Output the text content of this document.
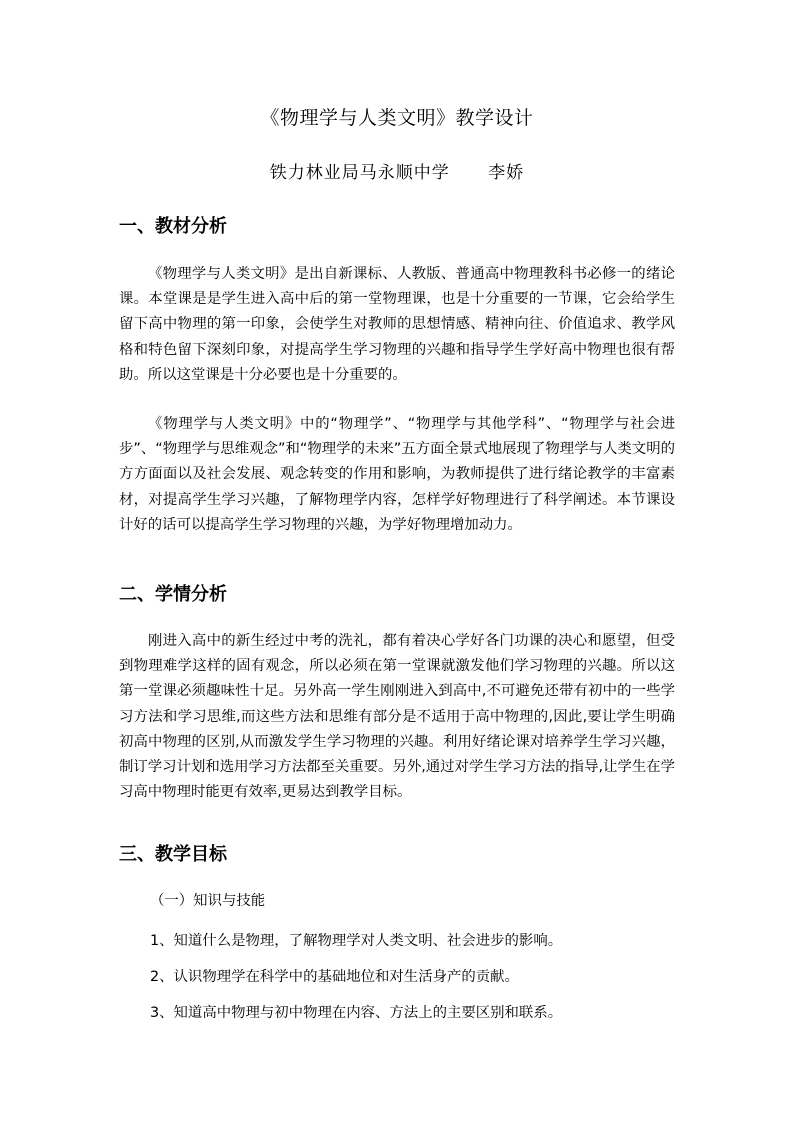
《物理学与人类文明》教学设计
铁力林业局马永顺中学      李娇
一、教材分析
《物理学与人类文明》是出自新课标、人教版、普通高中物理教科书必修一的绪论课。本堂课是是学生进入高中后的第一堂物理课，也是十分重要的一节课，它会给学生留下高中物理的第一印象，会使学生对教师的思想情感、精神向往、价值追求、教学风格和特色留下深刻印象，对提高学生学习物理的兴趣和指导学生学好高中物理也很有帮助。所以这堂课是十分必要也是十分重要的。
《物理学与人类文明》中的“物理学”、“物理学与其他学科”、“物理学与社会进步”、“物理学与思维观念”和“物理学的未来”五方面全景式地展现了物理学与人类文明的方方面面以及社会发展、观念转变的作用和影响，为教师提供了进行绪论教学的丰富素材，对提高学生学习兴趣，了解物理学内容，怎样学好物理进行了科学阐述。本节课设计好的话可以提高学生学习物理的兴趣，为学好物理增加动力。
二、学情分析
刚进入高中的新生经过中考的洗礼，都有着决心学好各门功课的决心和愿望，但受到物理难学这样的固有观念，所以必须在第一堂课就激发他们学习物理的兴趣。所以这第一堂课必须趣味性十足。另外高一学生刚刚进入到高中,不可避免还带有初中的一些学习方法和学习思维,而这些方法和思维有部分是不适用于高中物理的,因此,要让学生明确初高中物理的区别,从而激发学生学习物理的兴趣。利用好绪论课对培养学生学习兴趣，制订学习计划和选用学习方法都至关重要。另外,通过对学生学习方法的指导,让学生在学习高中物理时能更有效率,更易达到教学目标。
三、教学目标
（一）知识与技能
1、知道什么是物理，了解物理学对人类文明、社会进步的影响。
2、认识物理学在科学中的基础地位和对生活身产的贡献。
3、知道高中物理与初中物理在内容、方法上的主要区别和联系。
